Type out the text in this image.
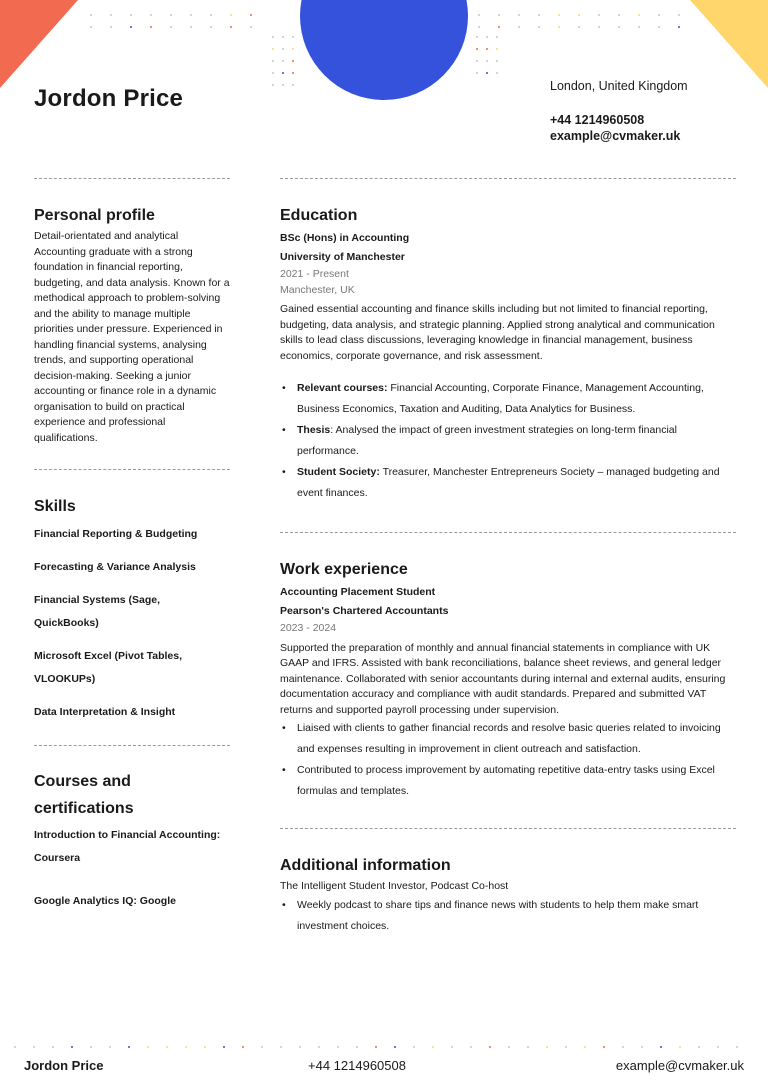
Jordon Price	London, United Kingdom
+44 1214960508
example@cvmaker.uk
Personal profile
Detail-orientated and analytical Accounting graduate with a strong foundation in financial reporting, budgeting, and data analysis. Known for a methodical approach to problem-solving and the ability to manage multiple priorities under pressure. Experienced in handling financial systems, analysing trends, and supporting operational decision-making. Seeking a junior accounting or finance role in a dynamic organisation to build on practical experience and professional qualifications.
Skills
Financial Reporting & Budgeting
Forecasting & Variance Analysis
Financial Systems (Sage, QuickBooks)
Microsoft Excel (Pivot Tables, VLOOKUPs)
Data Interpretation & Insight
Courses and certifications
Introduction to Financial Accounting: Coursera
Google Analytics IQ: Google
Education
BSc (Hons) in Accounting
University of Manchester
2021 - Present
Manchester, UK
Gained essential accounting and finance skills including but not limited to financial reporting, budgeting, data analysis, and strategic planning. Applied strong analytical and communication skills to lead class discussions, leveraging knowledge in financial management, business economics, corporate governance, and risk assessment.
• Relevant courses: Financial Accounting, Corporate Finance, Management Accounting, Business Economics, Taxation and Auditing, Data Analytics for Business.
• Thesis: Analysed the impact of green investment strategies on long-term financial performance.
• Student Society: Treasurer, Manchester Entrepreneurs Society – managed budgeting and event finances.
Work experience
Accounting Placement Student
Pearson's Chartered Accountants
2023 - 2024
Supported the preparation of monthly and annual financial statements in compliance with UK GAAP and IFRS. Assisted with bank reconciliations, balance sheet reviews, and general ledger maintenance. Collaborated with senior accountants during internal and external audits, ensuring documentation accuracy and compliance with audit standards. Prepared and submitted VAT returns and supported payroll processing under supervision.
• Liaised with clients to gather financial records and resolve basic queries related to invoicing and expenses resulting in improvement in client outreach and satisfaction.
• Contributed to process improvement by automating repetitive data-entry tasks using Excel formulas and templates.
Additional information
The Intelligent Student Investor, Podcast Co-host
• Weekly podcast to share tips and finance news with students to help them make smart investment choices.
Jordon Price	+44 1214960508	example@cvmaker.uk
